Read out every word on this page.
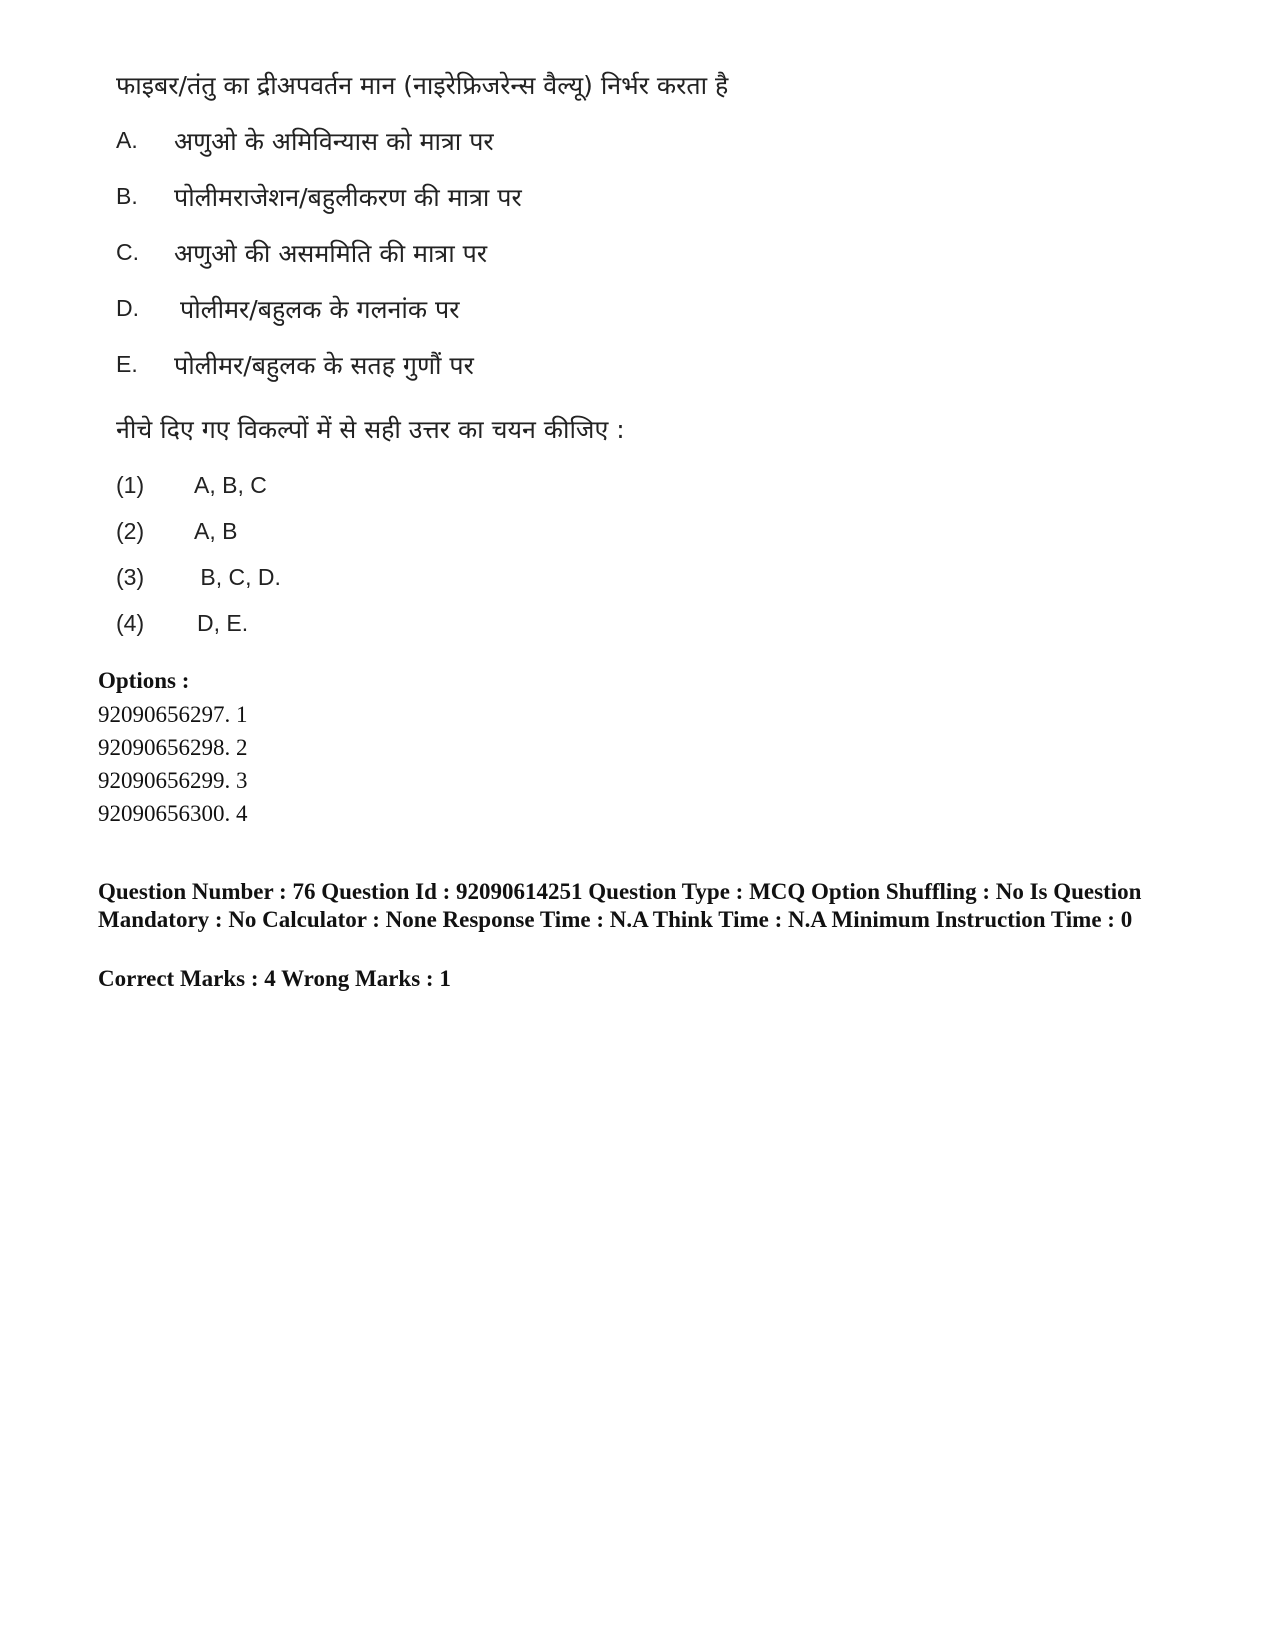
फाइबर/तंतु का द्रीअपवर्तन मान (नाइरेफ्रिजरेन्स वैल्यू) निर्भर करता है
A.	अणुओ के अमिविन्यास को मात्रा पर
B.	पोलीमराजेशन/बहुलीकरण की मात्रा पर
C.	अणुओ की असममिति की मात्रा पर
D.	पोलीमर/बहुलक के गलनांक पर
E.	पोलीमर/बहुलक के सतह गुणौं पर
नीचे दिए गए विकल्पों में से सही उत्तर का चयन कीजिए :
(1)	A, B, C
(2)	A, B
(3)	B, C, D.
(4)	D, E.
Options :
92090656297. 1
92090656298. 2
92090656299. 3
92090656300. 4
Question Number : 76 Question Id : 92090614251 Question Type : MCQ Option Shuffling : No Is Question Mandatory : No Calculator : None Response Time : N.A Think Time : N.A Minimum Instruction Time : 0
Correct Marks : 4 Wrong Marks : 1
